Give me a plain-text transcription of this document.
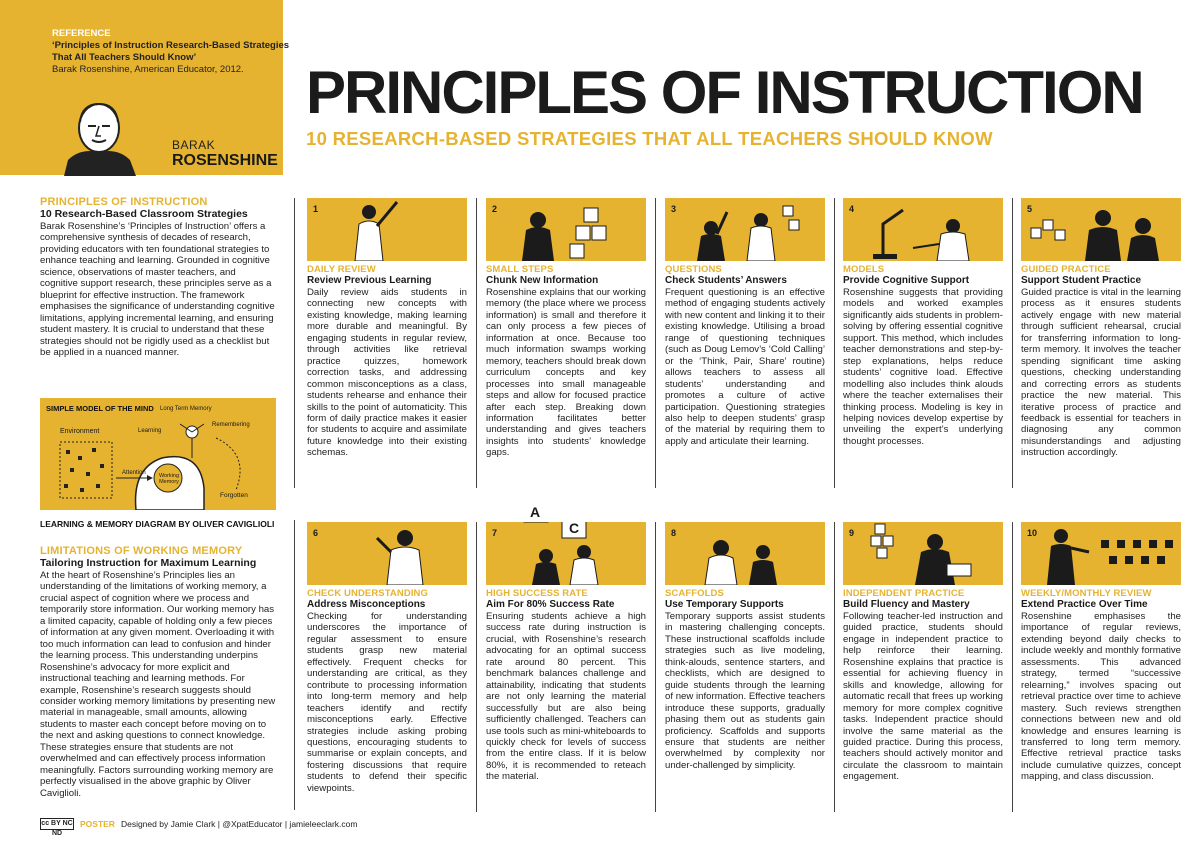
REFERENCE
‘Principles of Instruction Research-Based Strategies
That All Teachers Should Know’
Barak Rosenshine, American Educator, 2012.
BARAK
ROSENSHINE
PRINCIPLES OF INSTRUCTION
10 RESEARCH-BASED STRATEGIES THAT ALL TEACHERS SHOULD KNOW
PRINCIPLES OF INSTRUCTION
10 Research-Based Classroom Strategies
Barak Rosenshine’s ‘Principles of Instruction’ offers a comprehensive synthesis of decades of research, providing educators with ten foundational strategies to enhance teaching and learning. Grounded in cognitive science, observations of master teachers, and cognitive support research, these principles serve as a blueprint for effective instruction. The framework emphasises the significance of understanding cognitive limitations, applying incremental learning, and ensuring student mastery. It is crucial to understand that these strategies should not be rigidly used as a checklist but be applied in a nuanced manner.
SIMPLE MODEL OF THE MIND
Environment
Attention	Working Memory
Long Term Memory
Learning
Remembering
Forgotten
LEARNING & MEMORY DIAGRAM BY OLIVER CAVIGLIOLI
LIMITATIONS OF WORKING MEMORY
Tailoring Instruction for Maximum Learning
At the heart of Rosenshine’s Principles lies an understanding of the limitations of working memory, a crucial aspect of cognition where we process and temporarily store information. Our working memory has a limited capacity, capable of holding only a few pieces of information at any given moment. Overloading it with too much information can lead to confusion and hinder the learning process. This understanding underpins Rosenshine’s advocacy for more explicit and instructional teaching and learning methods. For example, Rosenshine’s research suggests should consider working memory limitations by presenting new material in manageable, small amounts, allowing students to master each concept before moving on to the next and asking questions to connect knowledge. These strategies ensure that students are not overwhelmed and can effectively process information meaningfully. Factors surrounding working memory are perfectly visualised in the above graphic by Oliver Caviglioli.
1
DAILY REVIEW
Review Previous Learning
Daily review aids students in connecting new concepts with existing knowledge, making learning more durable and meaningful. By engaging students in regular review, through activities like retrieval practice quizzes, homework correction tasks, and addressing common misconceptions as a class, students rehearse and enhance their skills to the point of automaticity. This form of daily practice makes it easier for students to acquire and assimilate future knowledge into their existing schemas.
2
SMALL STEPS
Chunk New Information
Rosenshine explains that our working memory (the place where we process information) is small and therefore it can only process a few pieces of information at once. Because too much information swamps working memory, teachers should break down curriculum concepts and key processes into small manageable steps and allow for focused practice after each step. Breaking down information facilitates better understanding and gives teachers insights into students’ knowledge gaps.
3
QUESTIONS
Check Students’ Answers
Frequent questioning is an effective method of engaging students actively with new content and linking it to their existing knowledge. Utilising a broad range of questioning techniques (such as Doug Lemov’s ‘Cold Calling’ or the ‘Think, Pair, Share’ routine) allows teachers to assess all students’ understanding and promotes a culture of active participation. Questioning strategies also help to deepen students’ grasp of the material by requiring them to apply and articulate their learning.
4
MODELS
Provide Cognitive Support
Rosenshine suggests that providing models and worked examples significantly aids students in problem-solving by offering essential cognitive support. This method, which includes teacher demonstrations and step-by-step explanations, helps reduce students’ cognitive load. Effective modelling also includes think alouds where the teacher externalises their thinking process. Modeling is key in helping novices develop expertise by unveiling the expert’s underlying thought processes.
5
GUIDED PRACTICE
Support Student Practice
Guided practice is vital in the learning process as it ensures students actively engage with new material through sufficient rehearsal, crucial for transferring information to long-term memory. It involves the teacher spending significant time asking questions, checking understanding and correcting errors as students practice the new material. This iterative process of practice and feedback is essential for teachers in diagnosing any common misunderstandings and adjusting instruction accordingly.
6
CHECK UNDERSTANDING
Address Misconceptions
Checking for understanding underscores the importance of regular assessment to ensure students grasp new material effectively. Frequent checks for understanding are critical, as they contribute to processing information into long-term memory and help teachers identify and rectify misconceptions early. Effective strategies include asking probing questions, encouraging students to summarise or explain concepts, and fostering discussions that require students to defend their specific viewpoints.
7
A
C
HIGH SUCCESS RATE
Aim For 80% Success Rate
Ensuring students achieve a high success rate during instruction is crucial, with Rosenshine’s research advocating for an optimal success rate around 80 percent. This benchmark balances challenge and attainability, indicating that students are not only learning the material successfully but are also being sufficiently challenged. Teachers can use tools such as mini-whiteboards to quickly check for levels of success from the entire class. If it is below 80%, it is recommended to reteach the material.
8
SCAFFOLDS
Use Temporary Supports
Temporary supports assist students in mastering challenging concepts. These instructional scaffolds include strategies such as live modeling, think-alouds, sentence starters, and checklists, which are designed to guide students through the learning of new information. Effective teachers introduce these supports, gradually phasing them out as students gain proficiency. Scaffolds and supports ensure that students are neither overwhelmed by complexity nor under-challenged by simplicity.
9
INDEPENDENT PRACTICE
Build Fluency and Mastery
Following teacher-led instruction and guided practice, students should engage in independent practice to help reinforce their learning. Rosenshine explains that practice is essential for achieving fluency in skills and knowledge, allowing for automatic recall that frees up working memory for more complex cognitive tasks. Independent practice should involve the same material as the guided practice. During this process, teachers should actively monitor and circulate the classroom to maintain engagement.
10
WEEKLY/MONTHLY REVIEW
Extend Practice Over Time
Rosenshine emphasises the importance of regular reviews, extending beyond daily checks to include weekly and monthly formative assessments. This advanced strategy, termed “successive relearning,” involves spacing out retrieval practice over time to achieve mastery. Such reviews strengthen connections between new and old knowledge and ensures learning is transferred to long term memory. Effective retrieval practice tasks include cumulative quizzes, concept mapping, and class discussion.
cc BY NC ND
POSTER Designed by Jamie Clark | @XpatEducator | jamieleeclark.com
